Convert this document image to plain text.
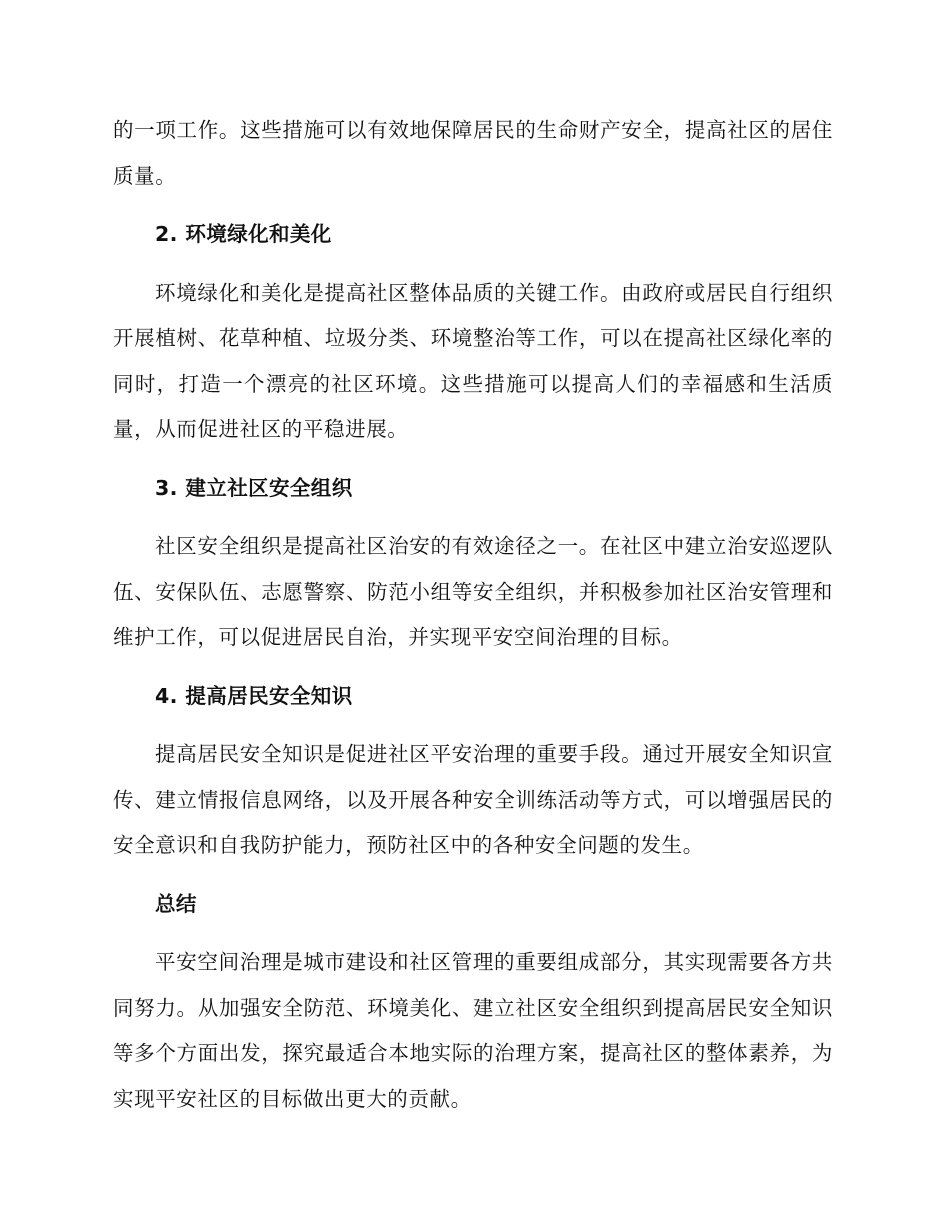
的一项工作。这些措施可以有效地保障居民的生命财产安全，提高社区的居住质量。

2. 环境绿化和美化

环境绿化和美化是提高社区整体品质的关键工作。由政府或居民自行组织开展植树、花草种植、垃圾分类、环境整治等工作，可以在提高社区绿化率的同时，打造一个漂亮的社区环境。这些措施可以提高人们的幸福感和生活质量，从而促进社区的平稳进展。

3. 建立社区安全组织

社区安全组织是提高社区治安的有效途径之一。在社区中建立治安巡逻队伍、安保队伍、志愿警察、防范小组等安全组织，并积极参加社区治安管理和维护工作，可以促进居民自治，并实现平安空间治理的目标。

4. 提高居民安全知识

提高居民安全知识是促进社区平安治理的重要手段。通过开展安全知识宣传、建立情报信息网络，以及开展各种安全训练活动等方式，可以增强居民的安全意识和自我防护能力，预防社区中的各种安全问题的发生。

总结

平安空间治理是城市建设和社区管理的重要组成部分，其实现需要各方共同努力。从加强安全防范、环境美化、建立社区安全组织到提高居民安全知识等多个方面出发，探究最适合本地实际的治理方案，提高社区的整体素养，为实现平安社区的目标做出更大的贡献。
